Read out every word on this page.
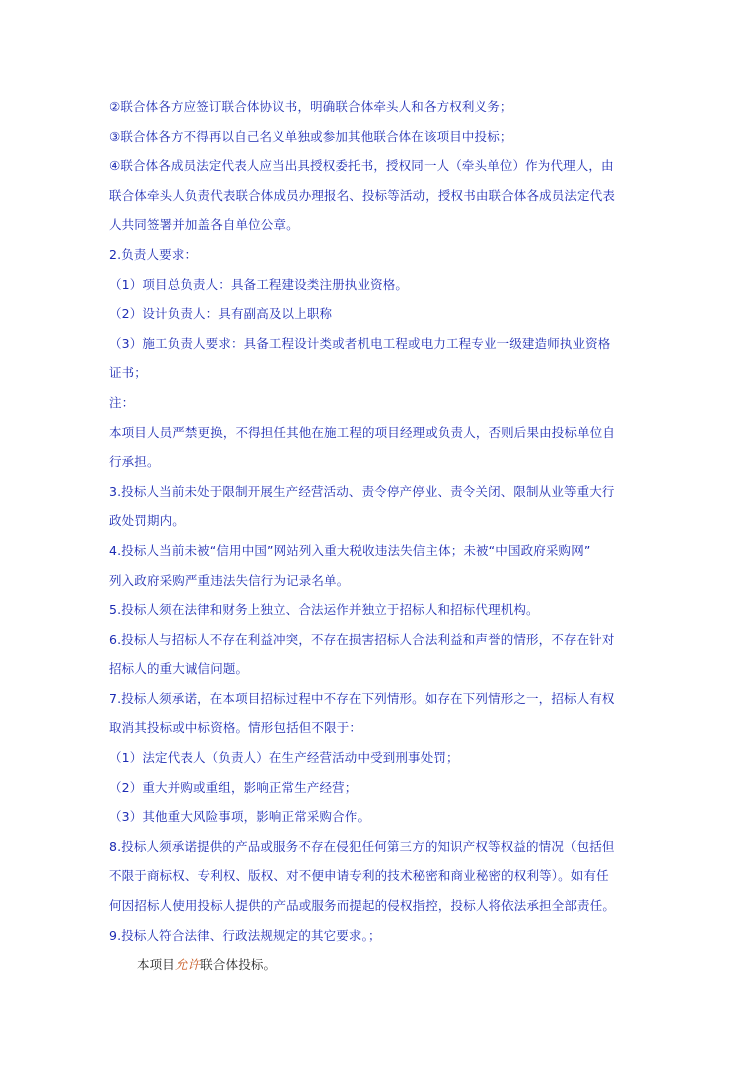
②联合体各方应签订联合体协议书，明确联合体牵头人和各方权利义务；
③联合体各方不得再以自己名义单独或参加其他联合体在该项目中投标；
④联合体各成员法定代表人应当出具授权委托书，授权同一人（牵头单位）作为代理人，由
联合体牵头人负责代表联合体成员办理报名、投标等活动，授权书由联合体各成员法定代表
人共同签署并加盖各自单位公章。
2.负责人要求：
（1）项目总负责人：具备工程建设类注册执业资格。
（2）设计负责人：具有副高及以上职称
（3）施工负责人要求：具备工程设计类或者机电工程或电力工程专业一级建造师执业资格
证书；
注：
本项目人员严禁更换，不得担任其他在施工程的项目经理或负责人，否则后果由投标单位自
行承担。
3.投标人当前未处于限制开展生产经营活动、责令停产停业、责令关闭、限制从业等重大行
政处罚期内。
4.投标人当前未被“信用中国”网站列入重大税收违法失信主体；未被“中国政府采购网”
列入政府采购严重违法失信行为记录名单。
5.投标人须在法律和财务上独立、合法运作并独立于招标人和招标代理机构。
6.投标人与招标人不存在利益冲突，不存在损害招标人合法利益和声誉的情形，不存在针对
招标人的重大诚信问题。
7.投标人须承诺，在本项目招标过程中不存在下列情形。如存在下列情形之一，招标人有权
取消其投标或中标资格。情形包括但不限于：
（1）法定代表人（负责人）在生产经营活动中受到刑事处罚；
（2）重大并购或重组，影响正常生产经营；
（3）其他重大风险事项，影响正常采购合作。
8.投标人须承诺提供的产品或服务不存在侵犯任何第三方的知识产权等权益的情况（包括但
不限于商标权、专利权、版权、对不便申请专利的技术秘密和商业秘密的权利等）。如有任
何因招标人使用投标人提供的产品或服务而提起的侵权指控，投标人将依法承担全部责任。
9.投标人符合法律、行政法规规定的其它要求。；
本项目允许联合体投标。
